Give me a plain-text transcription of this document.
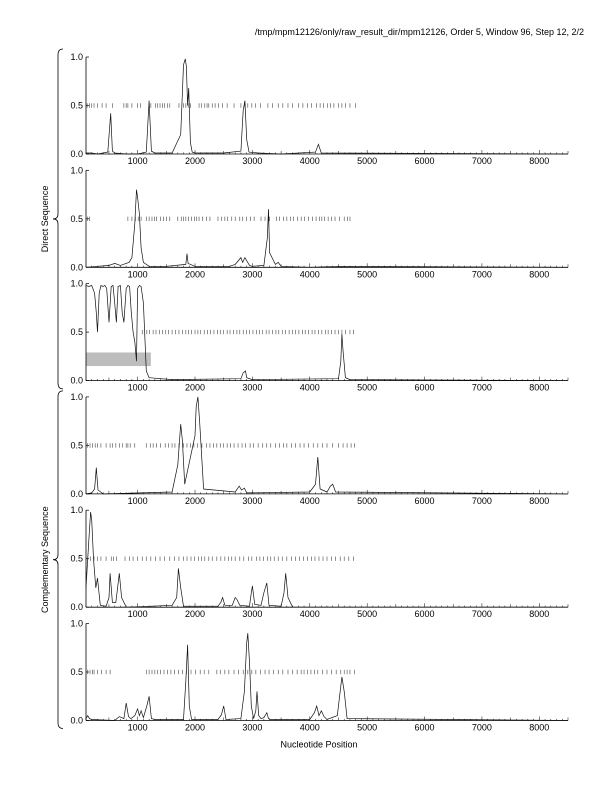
/tmp/mpm12126/only/raw_result_dir/mpm12126, Order 5, Window 96, Step 12, 2/2
0.0
0.5
1.0
1000	2000	3000	4000	5000	6000	7000	8000
0.0
0.5
1.0
1000	2000	3000	4000	5000	6000	7000	8000
0.0
0.5
1.0
1000	2000	3000	4000	5000	6000	7000	8000
0.0
0.5
1.0
1000	2000	3000	4000	5000	6000	7000	8000
0.0
0.5
1.0
1000	2000	3000	4000	5000	6000	7000	8000
0.0
0.5
1.0
1000	2000	3000	4000	5000	6000	7000	8000
Direct Sequence
Complementary Sequence
Nucleotide Position
